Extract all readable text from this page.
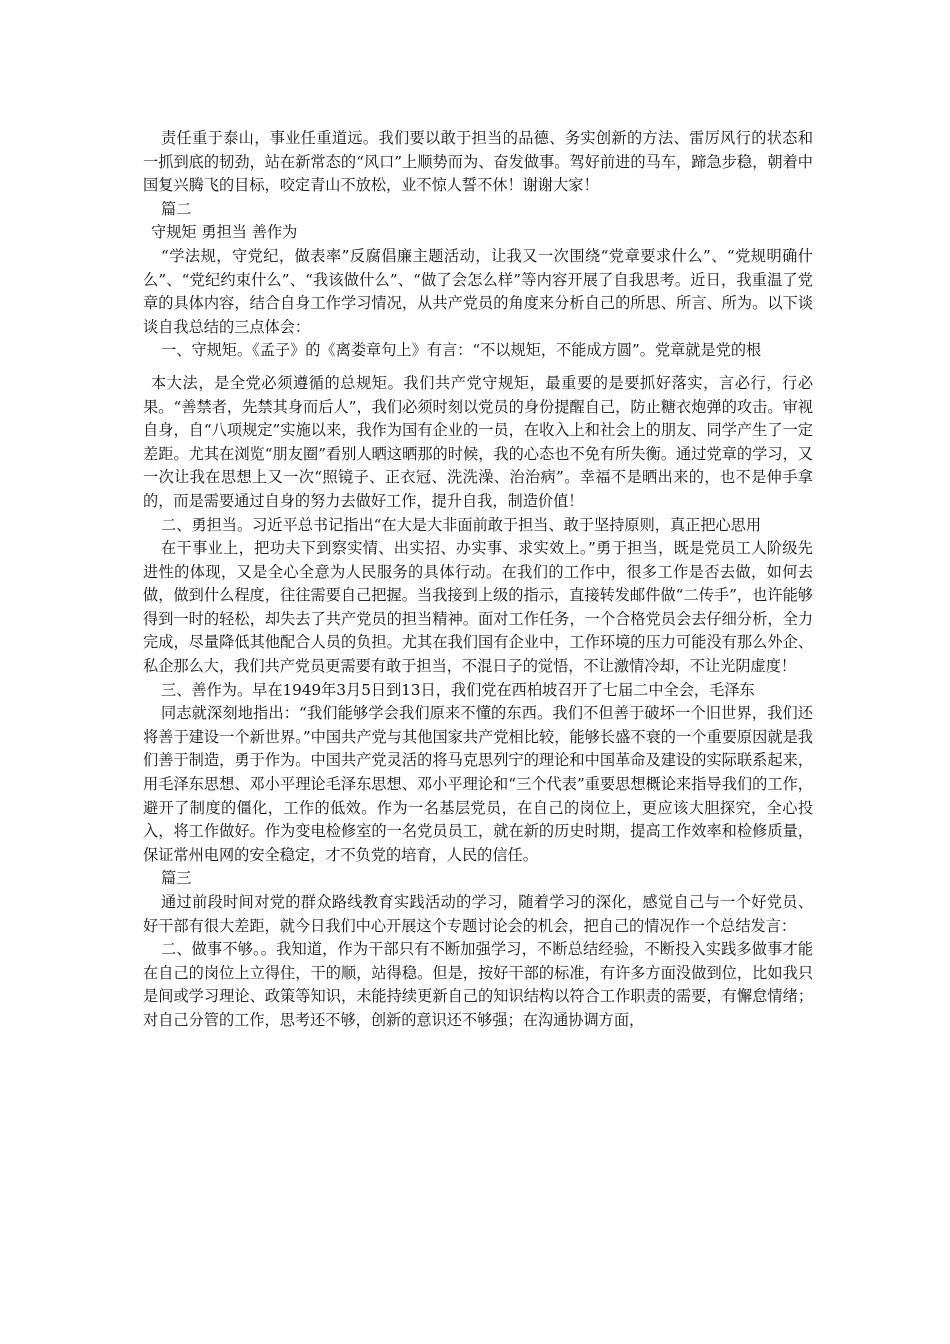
责任重于泰山，事业任重道远。我们要以敢于担当的品德、务实创新的方法、雷厉风行的状态和一抓到底的韧劲，站在新常态的“风口”上顺势而为、奋发做事。驾好前进的马车，蹄急步稳，朝着中国复兴腾飞的目标，咬定青山不放松，业不惊人誓不休！谢谢大家！

篇二

守规矩 勇担当 善作为

“学法规，守党纪，做表率”反腐倡廉主题活动，让我又一次围绕“党章要求什么”、“党规明确什么”、“党纪约束什么”、“我该做什么”、“做了会怎么样”等内容开展了自我思考。近日，我重温了党章的具体内容，结合自身工作学习情况，从共产党员的角度来分析自己的所思、所言、所为。以下谈谈自我总结的三点体会：

一、守规矩。《孟子》的《离娄章句上》有言：“不以规矩，不能成方圆”。党章就是党的根

本大法，是全党必须遵循的总规矩。我们共产党守规矩，最重要的是要抓好落实，言必行，行必果。“善禁者，先禁其身而后人”，我们必须时刻以党员的身份提醒自己，防止糖衣炮弹的攻击。审视自身，自“八项规定”实施以来，我作为国有企业的一员，在收入上和社会上的朋友、同学产生了一定差距。尤其在浏览“朋友圈”看别人晒这晒那的时候，我的心态也不免有所失衡。通过党章的学习，又一次让我在思想上又一次“照镜子、正衣冠、洗洗澡、治治病”。幸福不是晒出来的，也不是伸手拿的，而是需要通过自身的努力去做好工作，提升自我，制造价值！

二、勇担当。习近平总书记指出“在大是大非面前敢于担当、敢于坚持原则，真正把心思用

在干事业上，把功夫下到察实情、出实招、办实事、求实效上。”勇于担当，既是党员工人阶级先进性的体现，又是全心全意为人民服务的具体行动。在我们的工作中，很多工作是否去做，如何去做，做到什么程度，往往需要自己把握。当我接到上级的指示，直接转发邮件做“二传手”，也许能够得到一时的轻松，却失去了共产党员的担当精神。面对工作任务，一个合格党员会去仔细分析，全力完成，尽量降低其他配合人员的负担。尤其在我们国有企业中，工作环境的压力可能没有那么外企、私企那么大，我们共产党员更需要有敢于担当，不混日子的觉悟，不让激情冷却，不让光阴虚度！

三、善作为。早在1949年3月5日到13日，我们党在西柏坡召开了七届二中全会，毛泽东

同志就深刻地指出：“我们能够学会我们原来不懂的东西。我们不但善于破坏一个旧世界，我们还将善于建设一个新世界。”中国共产党与其他国家共产党相比较，能够长盛不衰的一个重要原因就是我们善于制造，勇于作为。中国共产党灵活的将马克思列宁的理论和中国革命及建设的实际联系起来，用毛泽东思想、邓小平理论毛泽东思想、邓小平理论和“三个代表”重要思想概论来指导我们的工作，避开了制度的僵化，工作的低效。作为一名基层党员，在自己的岗位上，更应该大胆探究，全心投入，将工作做好。作为变电检修室的一名党员员工，就在新的历史时期，提高工作效率和检修质量，保证常州电网的安全稳定，才不负党的培育，人民的信任。

篇三

通过前段时间对党的群众路线教育实践活动的学习，随着学习的深化，感觉自己与一个好党员、好干部有很大差距，就今日我们中心开展这个专题讨论会的机会，把自己的情况作一个总结发言：

二、做事不够。。我知道，作为干部只有不断加强学习，不断总结经验，不断投入实践多做事才能在自己的岗位上立得住，干的顺，站得稳。但是，按好干部的标准，有许多方面没做到位，比如我只是间或学习理论、政策等知识，未能持续更新自己的知识结构以符合工作职责的需要，有懈怠情绪；对自己分管的工作，思考还不够，创新的意识还不够强；在沟通协调方面，
